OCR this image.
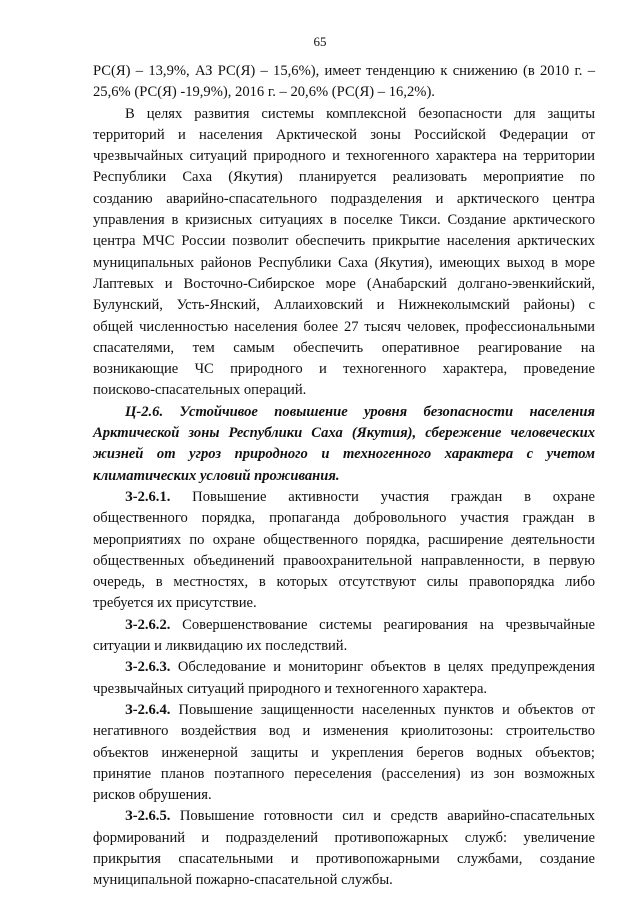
65
РС(Я) – 13,9%, АЗ РС(Я) – 15,6%), имеет тенденцию к снижению (в 2010 г. –
25,6% (РС(Я) -19,9%), 2016 г. – 20,6% (РС(Я) – 16,2%).
В целях развития системы комплексной безопасности для защиты
территорий и населения Арктической зоны Российской Федерации от
чрезвычайных ситуаций природного и техногенного характера на территории
Республики Саха (Якутия) планируется реализовать мероприятие по
созданию аварийно-спасательного подразделения и арктического центра
управления в кризисных ситуациях в поселке Тикси. Создание арктического
центра МЧС России позволит обеспечить прикрытие населения арктических
муниципальных районов Республики Саха (Якутия), имеющих выход в море
Лаптевых и Восточно-Сибирское море (Анабарский долгано-эвенкийский,
Булунский, Усть-Янский, Аллаиховский и Нижнеколымский районы) с
общей численностью населения более 27 тысяч человек, профессиональными
спасателями, тем самым обеспечить оперативное реагирование на
возникающие ЧС природного и техногенного характера, проведение
поисково-спасательных операций.
Ц-2.6. Устойчивое повышение уровня безопасности населения
Арктической зоны Республики Саха (Якутия), сбережение человеческих
жизней от угроз природного и техногенного характера с учетом
климатических условий проживания.
З-2.6.1. Повышение активности участия граждан в охране
общественного порядка, пропаганда добровольного участия граждан в
мероприятиях по охране общественного порядка, расширение деятельности
общественных объединений правоохранительной направленности, в первую
очередь, в местностях, в которых отсутствуют силы правопорядка либо
требуется их присутствие.
З-2.6.2. Совершенствование системы реагирования на чрезвычайные
ситуации и ликвидацию их последствий.
З-2.6.3. Обследование и мониторинг объектов в целях предупреждения
чрезвычайных ситуаций природного и техногенного характера.
З-2.6.4. Повышение защищенности населенных пунктов и объектов от
негативного воздействия вод и изменения криолитозоны: строительство
объектов инженерной защиты и укрепления берегов водных объектов;
принятие планов поэтапного переселения (расселения) из зон возможных
рисков обрушения.
З-2.6.5. Повышение готовности сил и средств аварийно-спасательных
формирований и подразделений противопожарных служб: увеличение
прикрытия спасательными и противопожарными службами, создание
муниципальной пожарно-спасательной службы.
